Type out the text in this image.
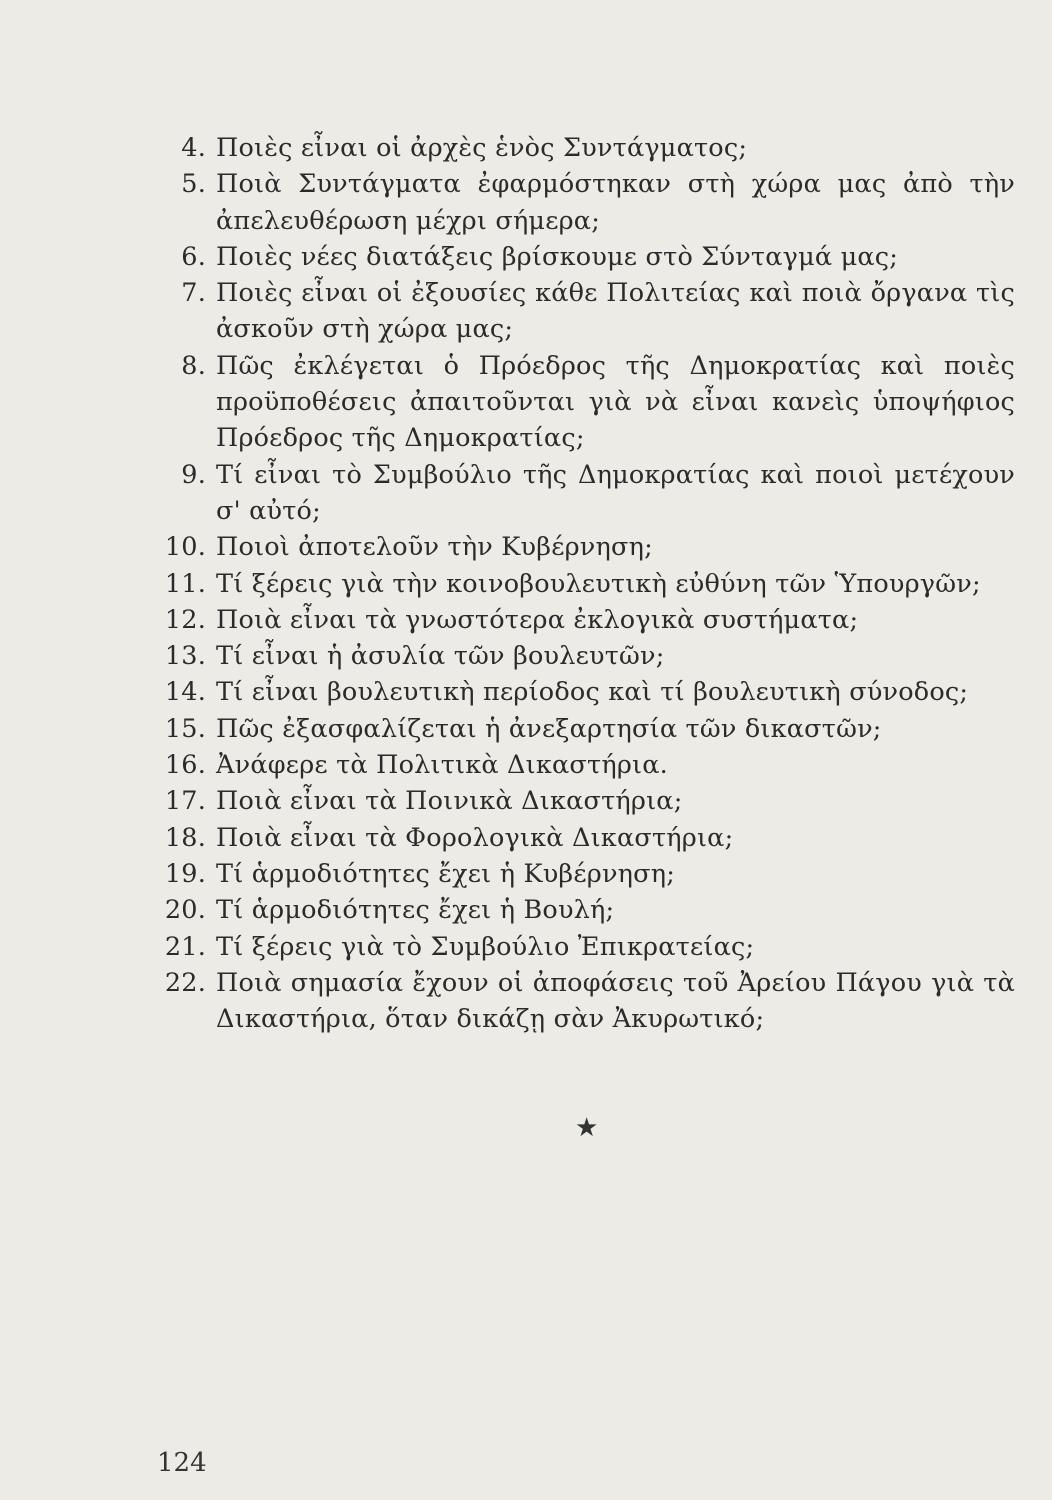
4. Ποιὲς εἶναι οἱ ἀρχὲς ἑνὸς Συντάγματος;
5. Ποιὰ Συντάγματα ἐφαρμόστηκαν στὴ χώρα μας ἀπὸ τὴν ἀπελευθέρωση μέχρι σήμερα;
6. Ποιὲς νέες διατάξεις βρίσκουμε στὸ Σύνταγμά μας;
7. Ποιὲς εἶναι οἱ ἐξουσίες κάθε Πολιτείας καὶ ποιὰ ὄργανα τὶς ἀσκοῦν στὴ χώρα μας;
8. Πῶς ἐκλέγεται ὁ Πρόεδρος τῆς Δημοκρατίας καὶ ποιὲς προϋποθέσεις ἀπαιτοῦνται γιὰ νὰ εἶναι κανεὶς ὑποψήφιος Πρόεδρος τῆς Δημοκρατίας;
9. Τί εἶναι τὸ Συμβούλιο τῆς Δημοκρατίας καὶ ποιοὶ μετέχουν σ' αὐτό;
10. Ποιοὶ ἀποτελοῦν τὴν Κυβέρνηση;
11. Τί ξέρεις γιὰ τὴν κοινοβουλευτικὴ εὐθύνη τῶν Ὑπουργῶν;
12. Ποιὰ εἶναι τὰ γνωστότερα ἐκλογικὰ συστήματα;
13. Τί εἶναι ἡ ἀσυλία τῶν βουλευτῶν;
14. Τί εἶναι βουλευτικὴ περίοδος καὶ τί βουλευτικὴ σύνοδος;
15. Πῶς ἐξασφαλίζεται ἡ ἀνεξαρτησία τῶν δικαστῶν;
16. Ἀνάφερε τὰ Πολιτικὰ Δικαστήρια.
17. Ποιὰ εἶναι τὰ Ποινικὰ Δικαστήρια;
18. Ποιὰ εἶναι τὰ Φορολογικὰ Δικαστήρια;
19. Τί ἁρμοδιότητες ἔχει ἡ Κυβέρνηση;
20. Τί ἁρμοδιότητες ἔχει ἡ Βουλή;
21. Τί ξέρεις γιὰ τὸ Συμβούλιο Ἐπικρατείας;
22. Ποιὰ σημασία ἔχουν οἱ ἀποφάσεις τοῦ Ἀρείου Πάγου γιὰ τὰ Δικαστήρια, ὅταν δικάζῃ σὰν Ἀκυρωτικό;
★
124
